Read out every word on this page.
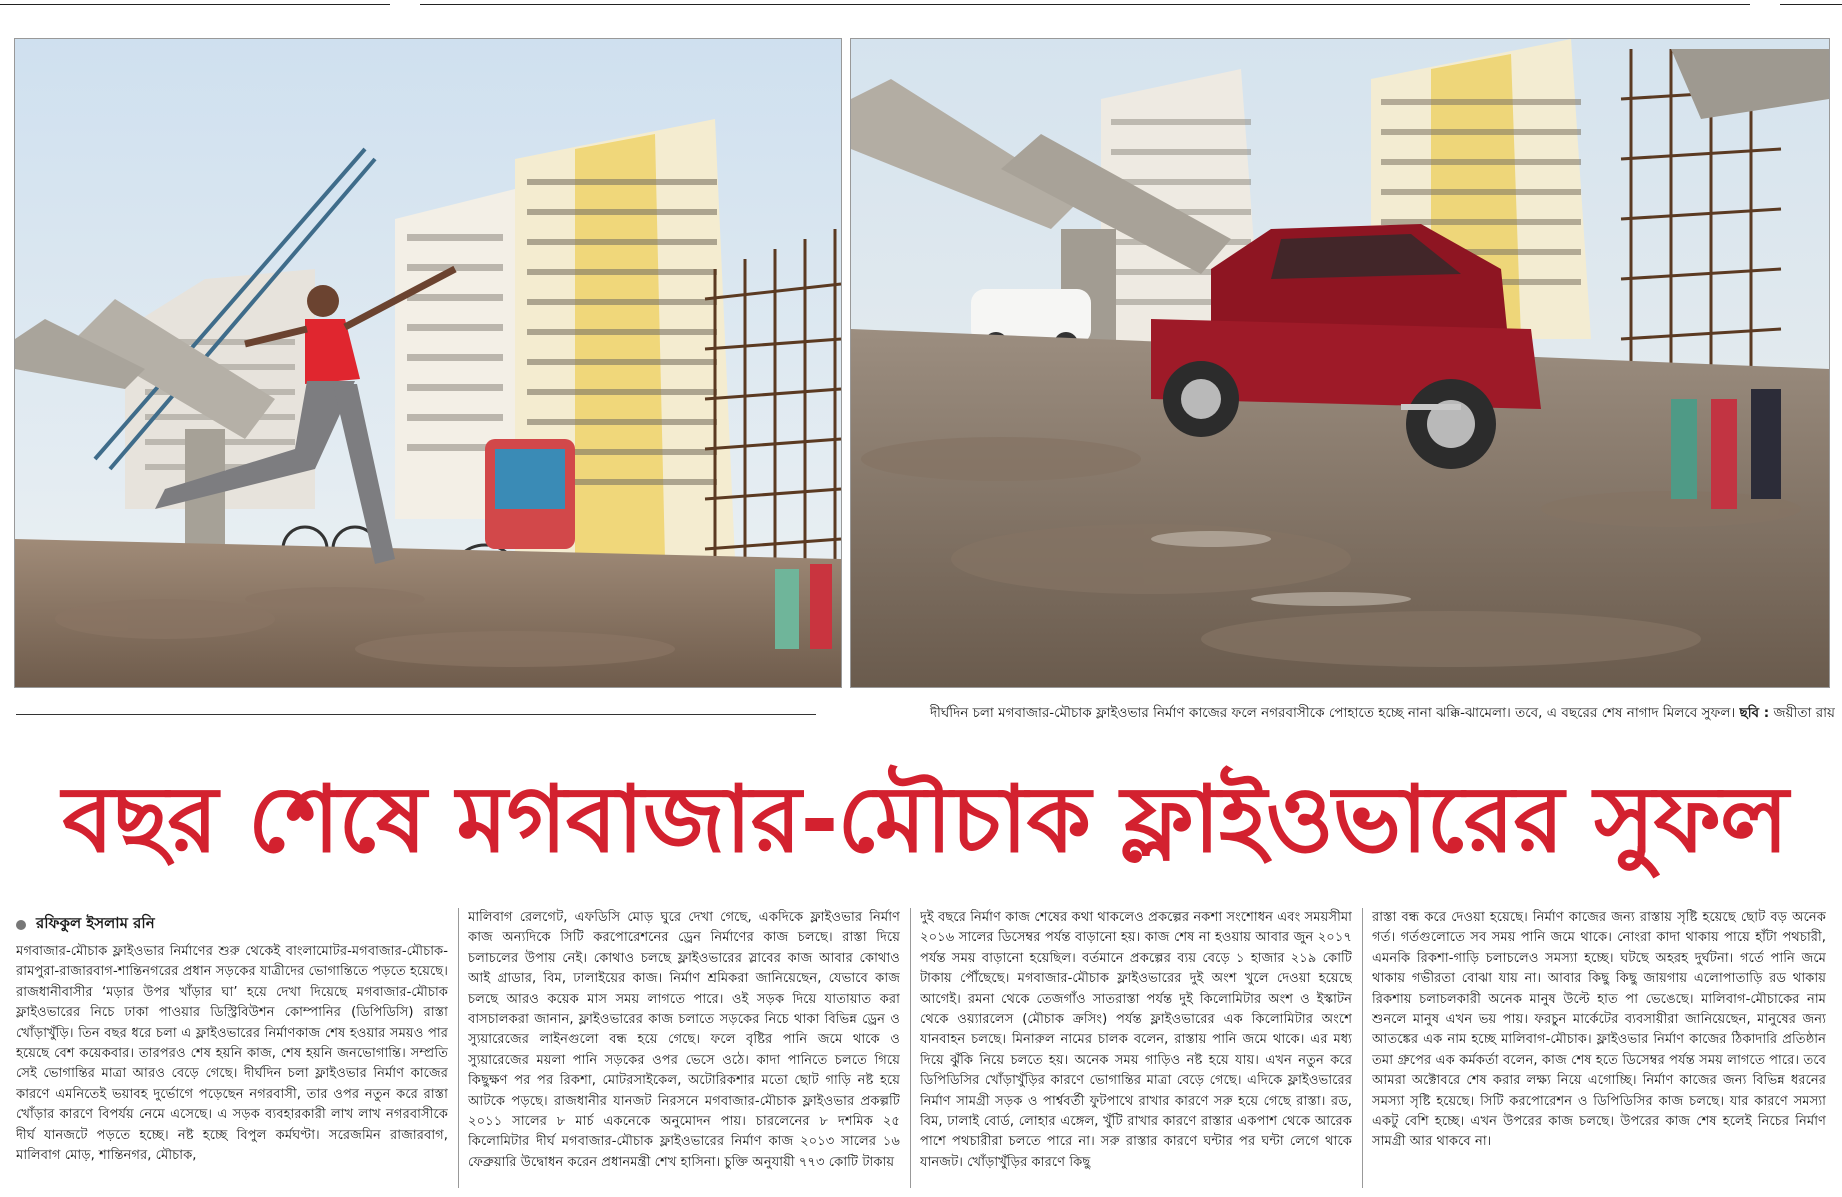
দীর্ঘদিন চলা মগবাজার-মৌচাক ফ্লাইওভার নির্মাণ কাজের ফলে নগরবাসীকে পোহাতে হচ্ছে নানা ঝক্কি-ঝামেলা। তবে, এ বছরের শেষ নাগাদ মিলবে সুফল। ছবি : জয়ীতা রায়
বছর শেষে মগবাজার-মৌচাক ফ্লাইওভারের সুফল
রফিকুল ইসলাম রনি

মগবাজার-মৌচাক ফ্লাইওভার নির্মাণের শুরু থেকেই বাংলামোটর-মগবাজার-মৌচাক-রামপুরা-রাজারবাগ-শান্তিনগরের প্রধান সড়কের যাত্রীদের ভোগান্তিতে পড়তে হয়েছে। রাজধানীবাসীর ‘মড়ার উপর খাঁড়ার ঘা’ হয়ে দেখা দিয়েছে মগবাজার-মৌচাক ফ্লাইওভারের নিচে ঢাকা পাওয়ার ডিস্ট্রিবিউশন কোম্পানির (ডিপিডিসি) রাস্তা খোঁড়াখুঁড়ি। তিন বছর ধরে চলা এ ফ্লাইওভারের নির্মাণকাজ শেষ হওয়ার সময়ও পার হয়েছে বেশ কয়েকবার। তারপরও শেষ হয়নি কাজ, শেষ হয়নি জনভোগান্তি। সম্প্রতি সেই ভোগান্তির মাত্রা আরও বেড়ে গেছে। দীর্ঘদিন চলা ফ্লাইওভার নির্মাণ কাজের কারণে এমনিতেই ভয়াবহ দুর্ভোগে পড়েছেন নগরবাসী, তার ওপর নতুন করে রাস্তা খোঁড়ার কারণে বিপর্যয় নেমে এসেছে। এ সড়ক ব্যবহারকারী লাখ লাখ নগরবাসীকে দীর্ঘ যানজটে পড়তে হচ্ছে। নষ্ট হচ্ছে বিপুল কর্মঘণ্টা। সরেজমিন রাজারবাগ, মালিবাগ মোড়, শান্তিনগর, মৌচাক,

মালিবাগ রেলগেট, এফডিসি মোড় ঘুরে দেখা গেছে, একদিকে ফ্লাইওভার নির্মাণ কাজ অন্যদিকে সিটি করপোরেশনের ড্রেন নির্মাণের কাজ চলছে। রাস্তা দিয়ে চলাচলের উপায় নেই। কোথাও চলছে ফ্লাইওভারের স্লাবের কাজ আবার কোথাও আই গ্রাডার, বিম, ঢালাইয়ের কাজ। নির্মাণ শ্রমিকরা জানিয়েছেন, যেভাবে কাজ চলছে আরও কয়েক মাস সময় লাগতে পারে। ওই সড়ক দিয়ে যাতায়াত করা বাসচালকরা জানান, ফ্লাইওভারের কাজ চলাতে সড়কের নিচে থাকা বিভিন্ন ড্রেন ও স্যুয়ারেজের লাইনগুলো বন্ধ হয়ে গেছে। ফলে বৃষ্টির পানি জমে থাকে ও স্যুয়ারেজের ময়লা পানি সড়কের ওপর ভেসে ওঠে। কাদা পানিতে চলতে গিয়ে কিছুক্ষণ পর পর রিকশা, মোটরসাইকেল, অটোরিকশার মতো ছোট গাড়ি নষ্ট হয়ে আটকে পড়ছে। রাজধানীর যানজট নিরসনে মগবাজার-মৌচাক ফ্লাইওভার প্রকল্পটি ২০১১ সালের ৮ মার্চ একনেকে অনুমোদন পায়। চারলেনের ৮ দশমিক ২৫ কিলোমিটার দীর্ঘ মগবাজার-মৌচাক ফ্লাইওভারের নির্মাণ কাজ ২০১৩ সালের ১৬ ফেব্রুয়ারি উদ্বোধন করেন প্রধানমন্ত্রী শেখ হাসিনা। চুক্তি অনুযায়ী ৭৭৩ কোটি টাকায়

দুই বছরে নির্মাণ কাজ শেষের কথা থাকলেও প্রকল্পের নকশা সংশোধন এবং সময়সীমা ২০১৬ সালের ডিসেম্বর পর্যন্ত বাড়ানো হয়। কাজ শেষ না হওয়ায় আবার জুন ২০১৭ পর্যন্ত সময় বাড়ানো হয়েছিল। বর্তমানে প্রকল্পের ব্যয় বেড়ে ১ হাজার ২১৯ কোটি টাকায় পৌঁছেছে। মগবাজার-মৌচাক ফ্লাইওভারের দুই অংশ খুলে দেওয়া হয়েছে আগেই। রমনা থেকে তেজগাঁও সাতরাস্তা পর্যন্ত দুই কিলোমিটার অংশ ও ইস্কাটন থেকে ওয়্যারলেস (মৌচাক ক্রসিং) পর্যন্ত ফ্লাইওভারের এক কিলোমিটার অংশে যানবাহন চলছে। মিনারুল নামের চালক বলেন, রাস্তায় পানি জমে থাকে। এর মধ্য দিয়ে ঝুঁকি নিয়ে চলতে হয়। অনেক সময় গাড়িও নষ্ট হয়ে যায়। এখন নতুন করে ডিপিডিসির খোঁড়াখুঁড়ির কারণে ভোগান্তির মাত্রা বেড়ে গেছে। এদিকে ফ্লাইওভারের নির্মাণ সামগ্রী সড়ক ও পার্শ্ববর্তী ফুটপাথে রাখার কারণে সরু হয়ে গেছে রাস্তা। রড, বিম, ঢালাই বোর্ড, লোহার এঙ্গেল, খুঁটি রাখার কারণে রাস্তার একপাশ থেকে আরেক পাশে পথচারীরা চলতে পারে না। সরু রাস্তার কারণে ঘন্টার পর ঘন্টা লেগে থাকে যানজট। খোঁড়াখুঁড়ির কারণে কিছু

রাস্তা বন্ধ করে দেওয়া হয়েছে। নির্মাণ কাজের জন্য রাস্তায় সৃষ্টি হয়েছে ছোট বড় অনেক গর্ত। গর্তগুলোতে সব সময় পানি জমে থাকে। নোংরা কাদা থাকায় পায়ে হাঁটা পথচারী, এমনকি রিকশা-গাড়ি চলাচলেও সমস্যা হচ্ছে। ঘটছে অহরহ দুর্ঘটনা। গর্তে পানি জমে থাকায় গভীরতা বোঝা যায় না। আবার কিছু কিছু জায়গায় এলোপাতাড়ি রড থাকায় রিকশায় চলাচলকারী অনেক মানুষ উল্টে হাত পা ভেঙেছে। মালিবাগ-মৌচাকের নাম শুনলে মানুষ এখন ভয় পায়। ফরচুন মার্কেটের ব্যবসায়ীরা জানিয়েছেন, মানুষের জন্য আতঙ্কের এক নাম হচ্ছে মালিবাগ-মৌচাক। ফ্লাইওভার নির্মাণ কাজের ঠিকাদারি প্রতিষ্ঠান তমা গ্রুপের এক কর্মকর্তা বলেন, কাজ শেষ হতে ডিসেম্বর পর্যন্ত সময় লাগতে পারে। তবে আমরা অক্টোবরে শেষ করার লক্ষ্য নিয়ে এগোচ্ছি। নির্মাণ কাজের জন্য বিভিন্ন ধরনের সমস্যা সৃষ্টি হয়েছে। সিটি করপোরেশন ও ডিপিডিসির কাজ চলছে। যার কারণে সমস্যা একটু বেশি হচ্ছে। এখন উপরের কাজ চলছে। উপরের কাজ শেষ হলেই নিচের নির্মাণ সামগ্রী আর থাকবে না।
